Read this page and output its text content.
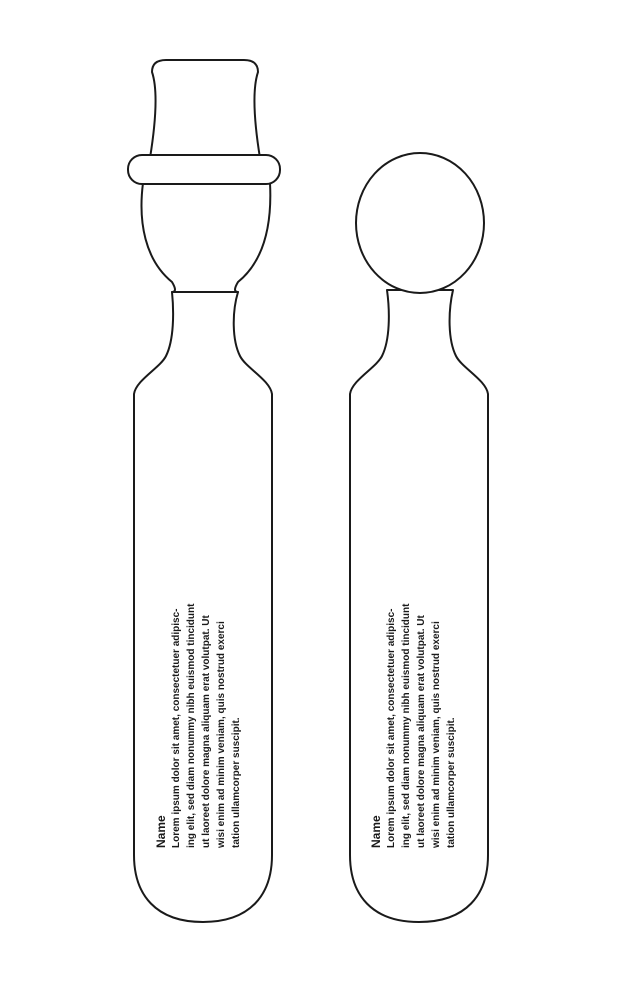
Name Lorem ipsum dolor sit amet, consectetuer adipisc- ing elit, sed diam nonummy nibh euismod tincidunt ut laoreet dolore magna aliquam erat volutpat. Ut wisi enim ad minim veniam, quis nostrud exerci tation ullamcorper suscipit.	Name Lorem ipsum dolor sit amet, consectetuer adipisc- ing elit, sed diam nonummy nibh euismod tincidunt ut laoreet dolore magna aliquam erat volutpat. Ut wisi enim ad minim veniam, quis nostrud exerci tation ullamcorper suscipit.
